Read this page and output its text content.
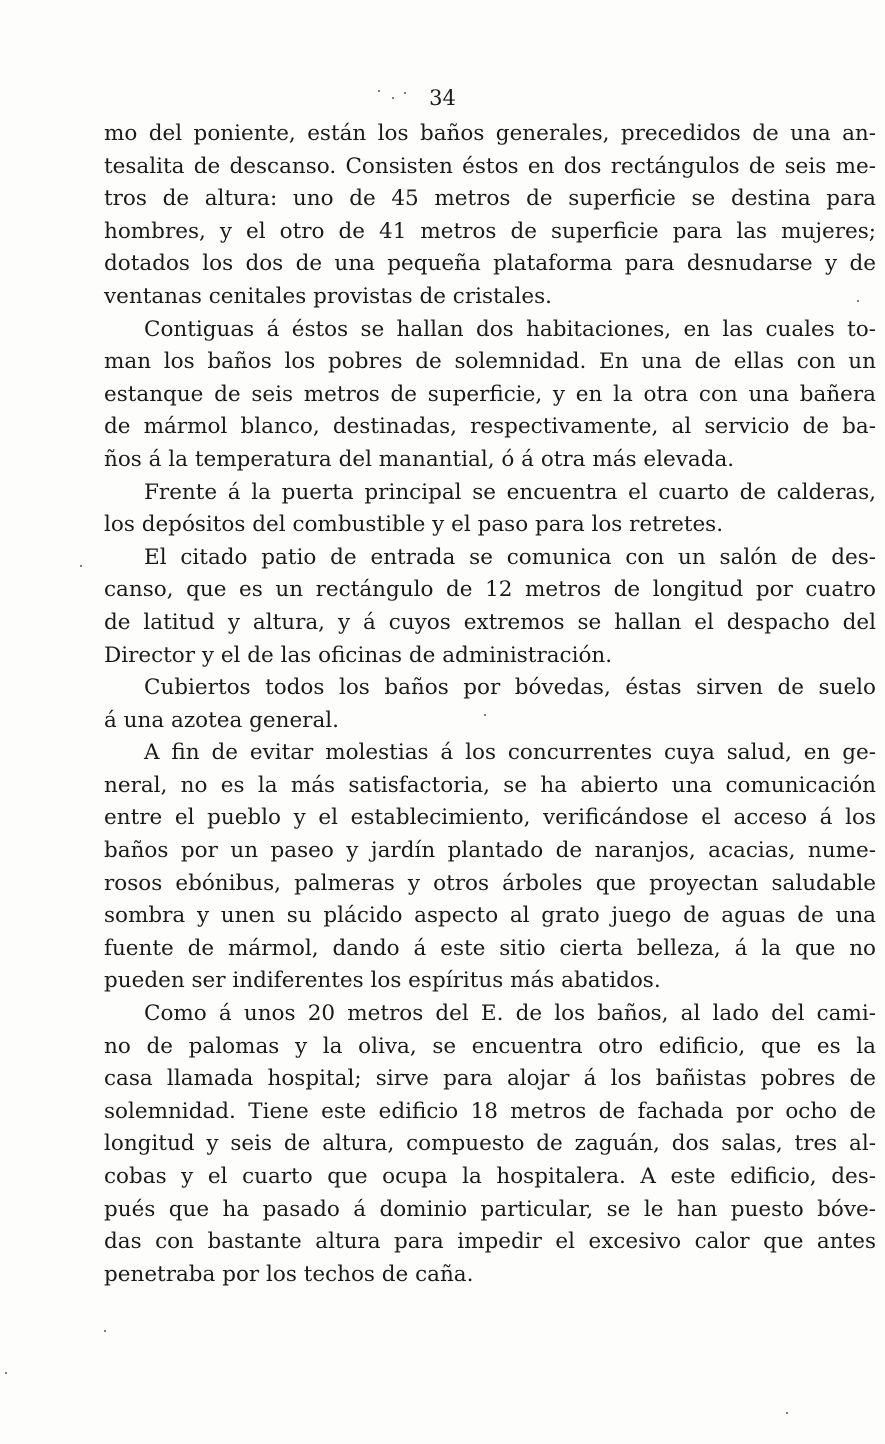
34
mo del poniente, están los baños generales, precedidos de una an-
tesalita de descanso. Consisten éstos en dos rectángulos de seis me-
tros de altura: uno de 45 metros de superficie se destina para
hombres, y el otro de 41 metros de superficie para las mujeres;
dotados los dos de una pequeña plataforma para desnudarse y de
ventanas cenitales provistas de cristales.
Contiguas á éstos se hallan dos habitaciones, en las cuales to-
man los baños los pobres de solemnidad. En una de ellas con un
estanque de seis metros de superficie, y en la otra con una bañera
de mármol blanco, destinadas, respectivamente, al servicio de ba-
ños á la temperatura del manantial, ó á otra más elevada.
Frente á la puerta principal se encuentra el cuarto de calderas,
los depósitos del combustible y el paso para los retretes.
El citado patio de entrada se comunica con un salón de des-
canso, que es un rectángulo de 12 metros de longitud por cuatro
de latitud y altura, y á cuyos extremos se hallan el despacho del
Director y el de las oficinas de administración.
Cubiertos todos los baños por bóvedas, éstas sirven de suelo
á una azotea general.
A fin de evitar molestias á los concurrentes cuya salud, en ge-
neral, no es la más satisfactoria, se ha abierto una comunicación
entre el pueblo y el establecimiento, verificándose el acceso á los
baños por un paseo y jardín plantado de naranjos, acacias, nume-
rosos ebónibus, palmeras y otros árboles que proyectan saludable
sombra y unen su plácido aspecto al grato juego de aguas de una
fuente de mármol, dando á este sitio cierta belleza, á la que no
pueden ser indiferentes los espíritus más abatidos.
Como á unos 20 metros del E. de los baños, al lado del cami-
no de palomas y la oliva, se encuentra otro edificio, que es la
casa llamada hospital; sirve para alojar á los bañistas pobres de
solemnidad. Tiene este edificio 18 metros de fachada por ocho de
longitud y seis de altura, compuesto de zaguán, dos salas, tres al-
cobas y el cuarto que ocupa la hospitalera. A este edificio, des-
pués que ha pasado á dominio particular, se le han puesto bóve-
das con bastante altura para impedir el excesivo calor que antes
penetraba por los techos de caña.
